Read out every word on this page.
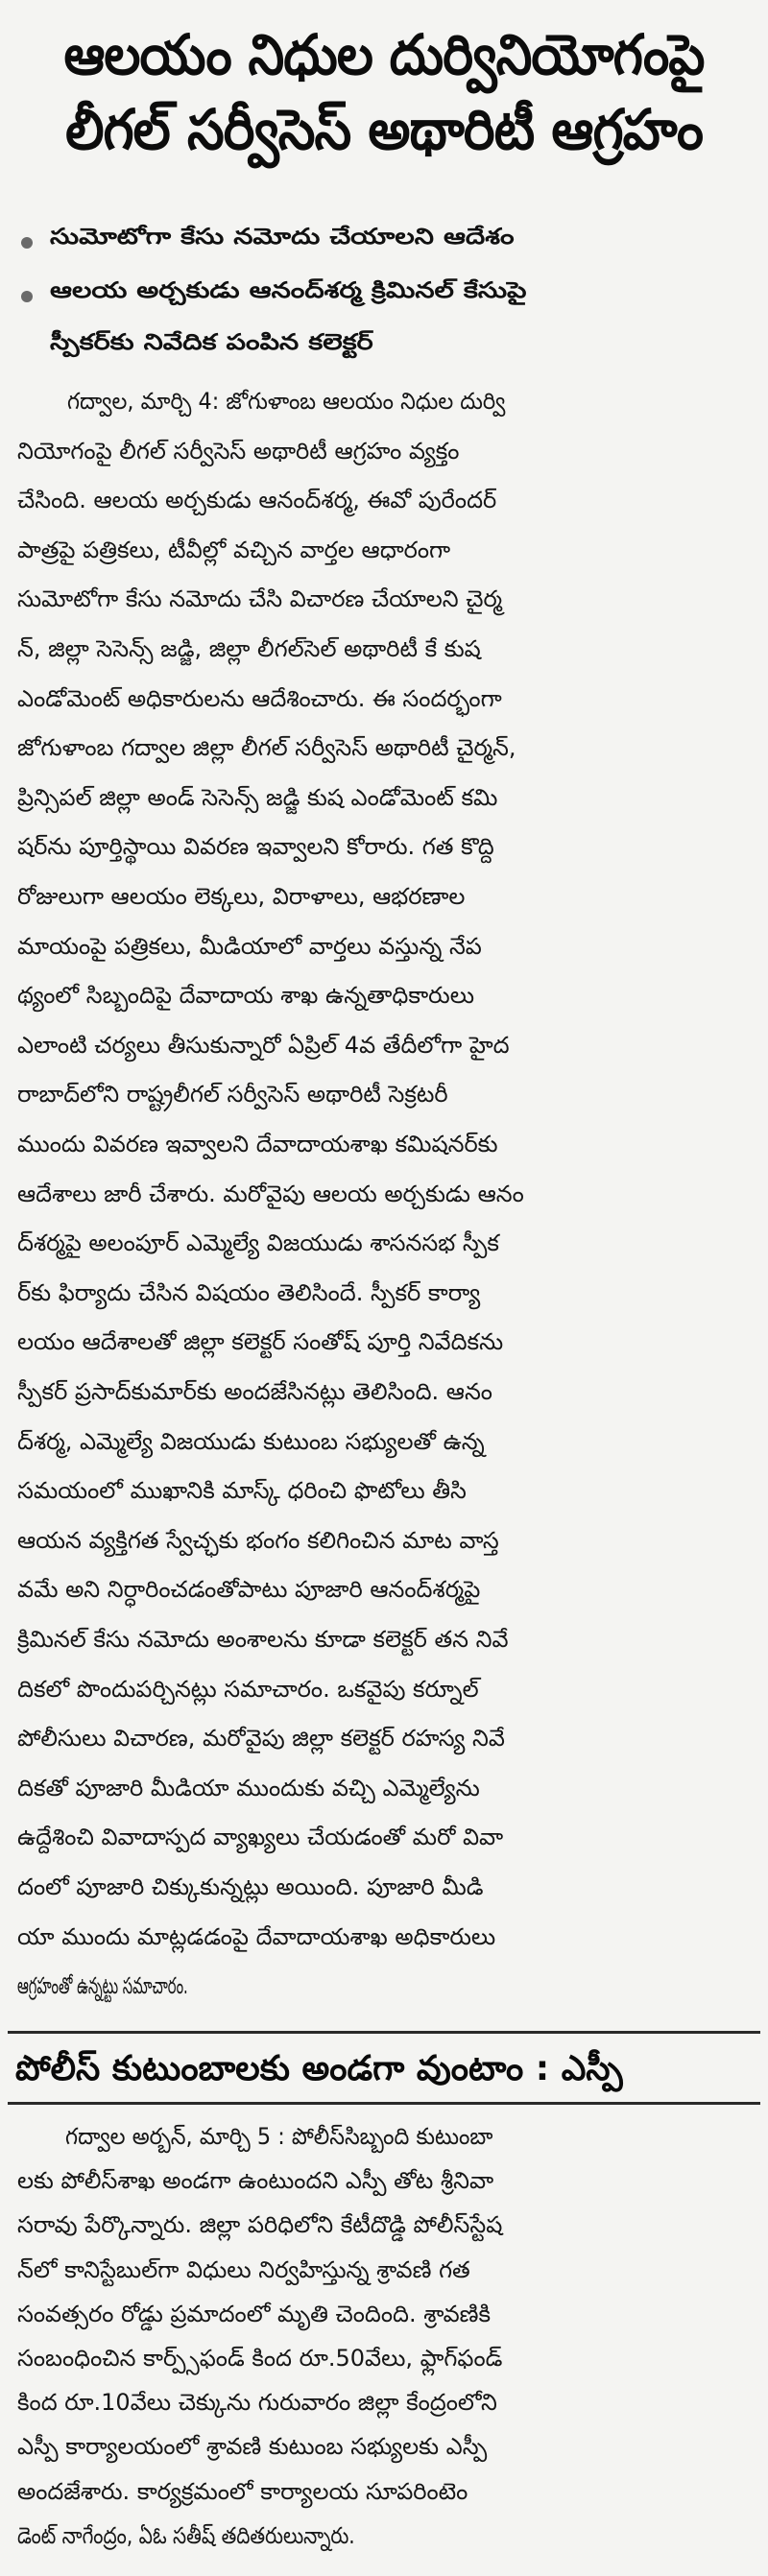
ఆలయం నిధుల దుర్వినియోగంపై
లీగల్ సర్వీసెస్ అథారిటీ ఆగ్రహం
సుమోటోగా కేసు నమోదు చేయాలని ఆదేశం
ఆలయ అర్చకుడు ఆనంద్‌శర్మ క్రిమినల్ కేసుపై
స్పీకర్‌కు నివేదిక పంపిన కలెక్టర్
గద్వాల, మార్చి 4: జోగుళాంబ ఆలయం నిధుల దుర్వి
నియోగంపై లీగల్ సర్వీసెస్ అథారిటీ ఆగ్రహం వ్యక్తం
చేసింది. ఆలయ అర్చకుడు ఆనంద్‌శర్మ, ఈవో పురేందర్
పాత్రపై పత్రికలు, టీవీల్లో వచ్చిన వార్తల ఆధారంగా
సుమోటోగా కేసు నమోదు చేసి విచారణ చేయాలని చైర్మ
న్, జిల్లా సెసెన్స్ జడ్జి, జిల్లా లీగల్‌సెల్ అథారిటీ కే కుష
ఎండోమెంట్ అధికారులను ఆదేశించారు. ఈ సందర్భంగా
జోగుళాంబ గద్వాల జిల్లా లీగల్ సర్వీసెస్ అథారిటీ చైర్మన్,
ప్రిన్సిపల్ జిల్లా అండ్ సెసెన్స్ జడ్జి కుష ఎండోమెంట్ కమి
షర్‌ను పూర్తిస్థాయి వివరణ ఇవ్వాలని కోరారు. గత కొద్ది
రోజులుగా ఆలయం లెక్కలు, విరాళాలు, ఆభరణాల
మాయంపై పత్రికలు, మీడియాలో వార్తలు వస్తున్న నేప
థ్యంలో సిబ్బందిపై దేవాదాయ శాఖ ఉన్నతాధికారులు
ఎలాంటి చర్యలు తీసుకున్నారో ఏప్రిల్ 4వ తేదీలోగా హైద
రాబాద్‌లోని రాష్ట్రలీగల్ సర్వీసెస్ అథారిటీ సెక్రటరీ
ముందు వివరణ ఇవ్వాలని దేవాదాయశాఖ కమిషనర్‌కు
ఆదేశాలు జారీ చేశారు. మరోవైపు ఆలయ అర్చకుడు ఆనం
ద్‌శర్మపై అలంపూర్ ఎమ్మెల్యే విజయుడు శాసనసభ స్పీక
ర్‌కు ఫిర్యాదు చేసిన విషయం తెలిసిందే. స్పీకర్ కార్యా
లయం ఆదేశాలతో జిల్లా కలెక్టర్ సంతోష్ పూర్తి నివేదికను
స్పీకర్ ప్రసాద్‌కుమార్‌కు అందజేసినట్లు తెలిసింది. ఆనం
ద్‌శర్మ, ఎమ్మెల్యే విజయుడు కుటుంబ సభ్యులతో ఉన్న
సమయంలో ముఖానికి మాస్క్ ధరించి ఫొటోలు తీసి
ఆయన వ్యక్తిగత స్వేచ్ఛకు భంగం కలిగించిన మాట వాస్త
వమే అని నిర్ధారించడంతోపాటు పూజారి ఆనంద్‌శర్మపై
క్రిమినల్ కేసు నమోదు అంశాలను కూడా కలెక్టర్ తన నివే
దికలో పొందుపర్చినట్లు సమాచారం. ఒకవైపు కర్నూల్
పోలీసులు విచారణ, మరోవైపు జిల్లా కలెక్టర్ రహస్య నివే
దికతో పూజారి మీడియా ముందుకు వచ్చి ఎమ్మెల్యేను
ఉద్దేశించి వివాదాస్పద వ్యాఖ్యలు చేయడంతో మరో వివా
దంలో పూజారి చిక్కుకున్నట్లు అయింది. పూజారి మీడి
యా ముందు మాట్లడడంపై దేవాదాయశాఖ అధికారులు
ఆగ్రహంతో ఉన్నట్టు సమాచారం.
పోలీస్ కుటుంబాలకు అండగా వుంటాం : ఎస్పీ
గద్వాల అర్బన్, మార్చి 5 : పోలీస్‌సిబ్బంది కుటుంబా
లకు పోలీస్‌శాఖ అండగా ఉంటుందని ఎస్పీ తోట శ్రీనివా
సరావు పేర్కొన్నారు. జిల్లా పరిధిలోని కేటీదొడ్డి పోలీస్‌స్టేష
న్‌లో కానిస్టేబుల్‌గా విధులు నిర్వహిస్తున్న శ్రావణి గత
సంవత్సరం రోడ్డు ప్రమాదంలో మృతి చెందింది. శ్రావణికి
సంబంధించిన కార్ప్స్‌ఫండ్ కింద రూ.50వేలు, ఫ్లాగ్‌ఫండ్
కింద రూ.10వేలు చెక్కును గురువారం జిల్లా కేంద్రంలోని
ఎస్పీ కార్యాలయంలో శ్రావణి కుటుంబ సభ్యులకు ఎస్పీ
అందజేశారు. కార్యక్రమంలో కార్యాలయ సూపరింటెం
డెంట్ నాగేంద్రం, ఏఓ సతీష్ తదితరులున్నారు.
